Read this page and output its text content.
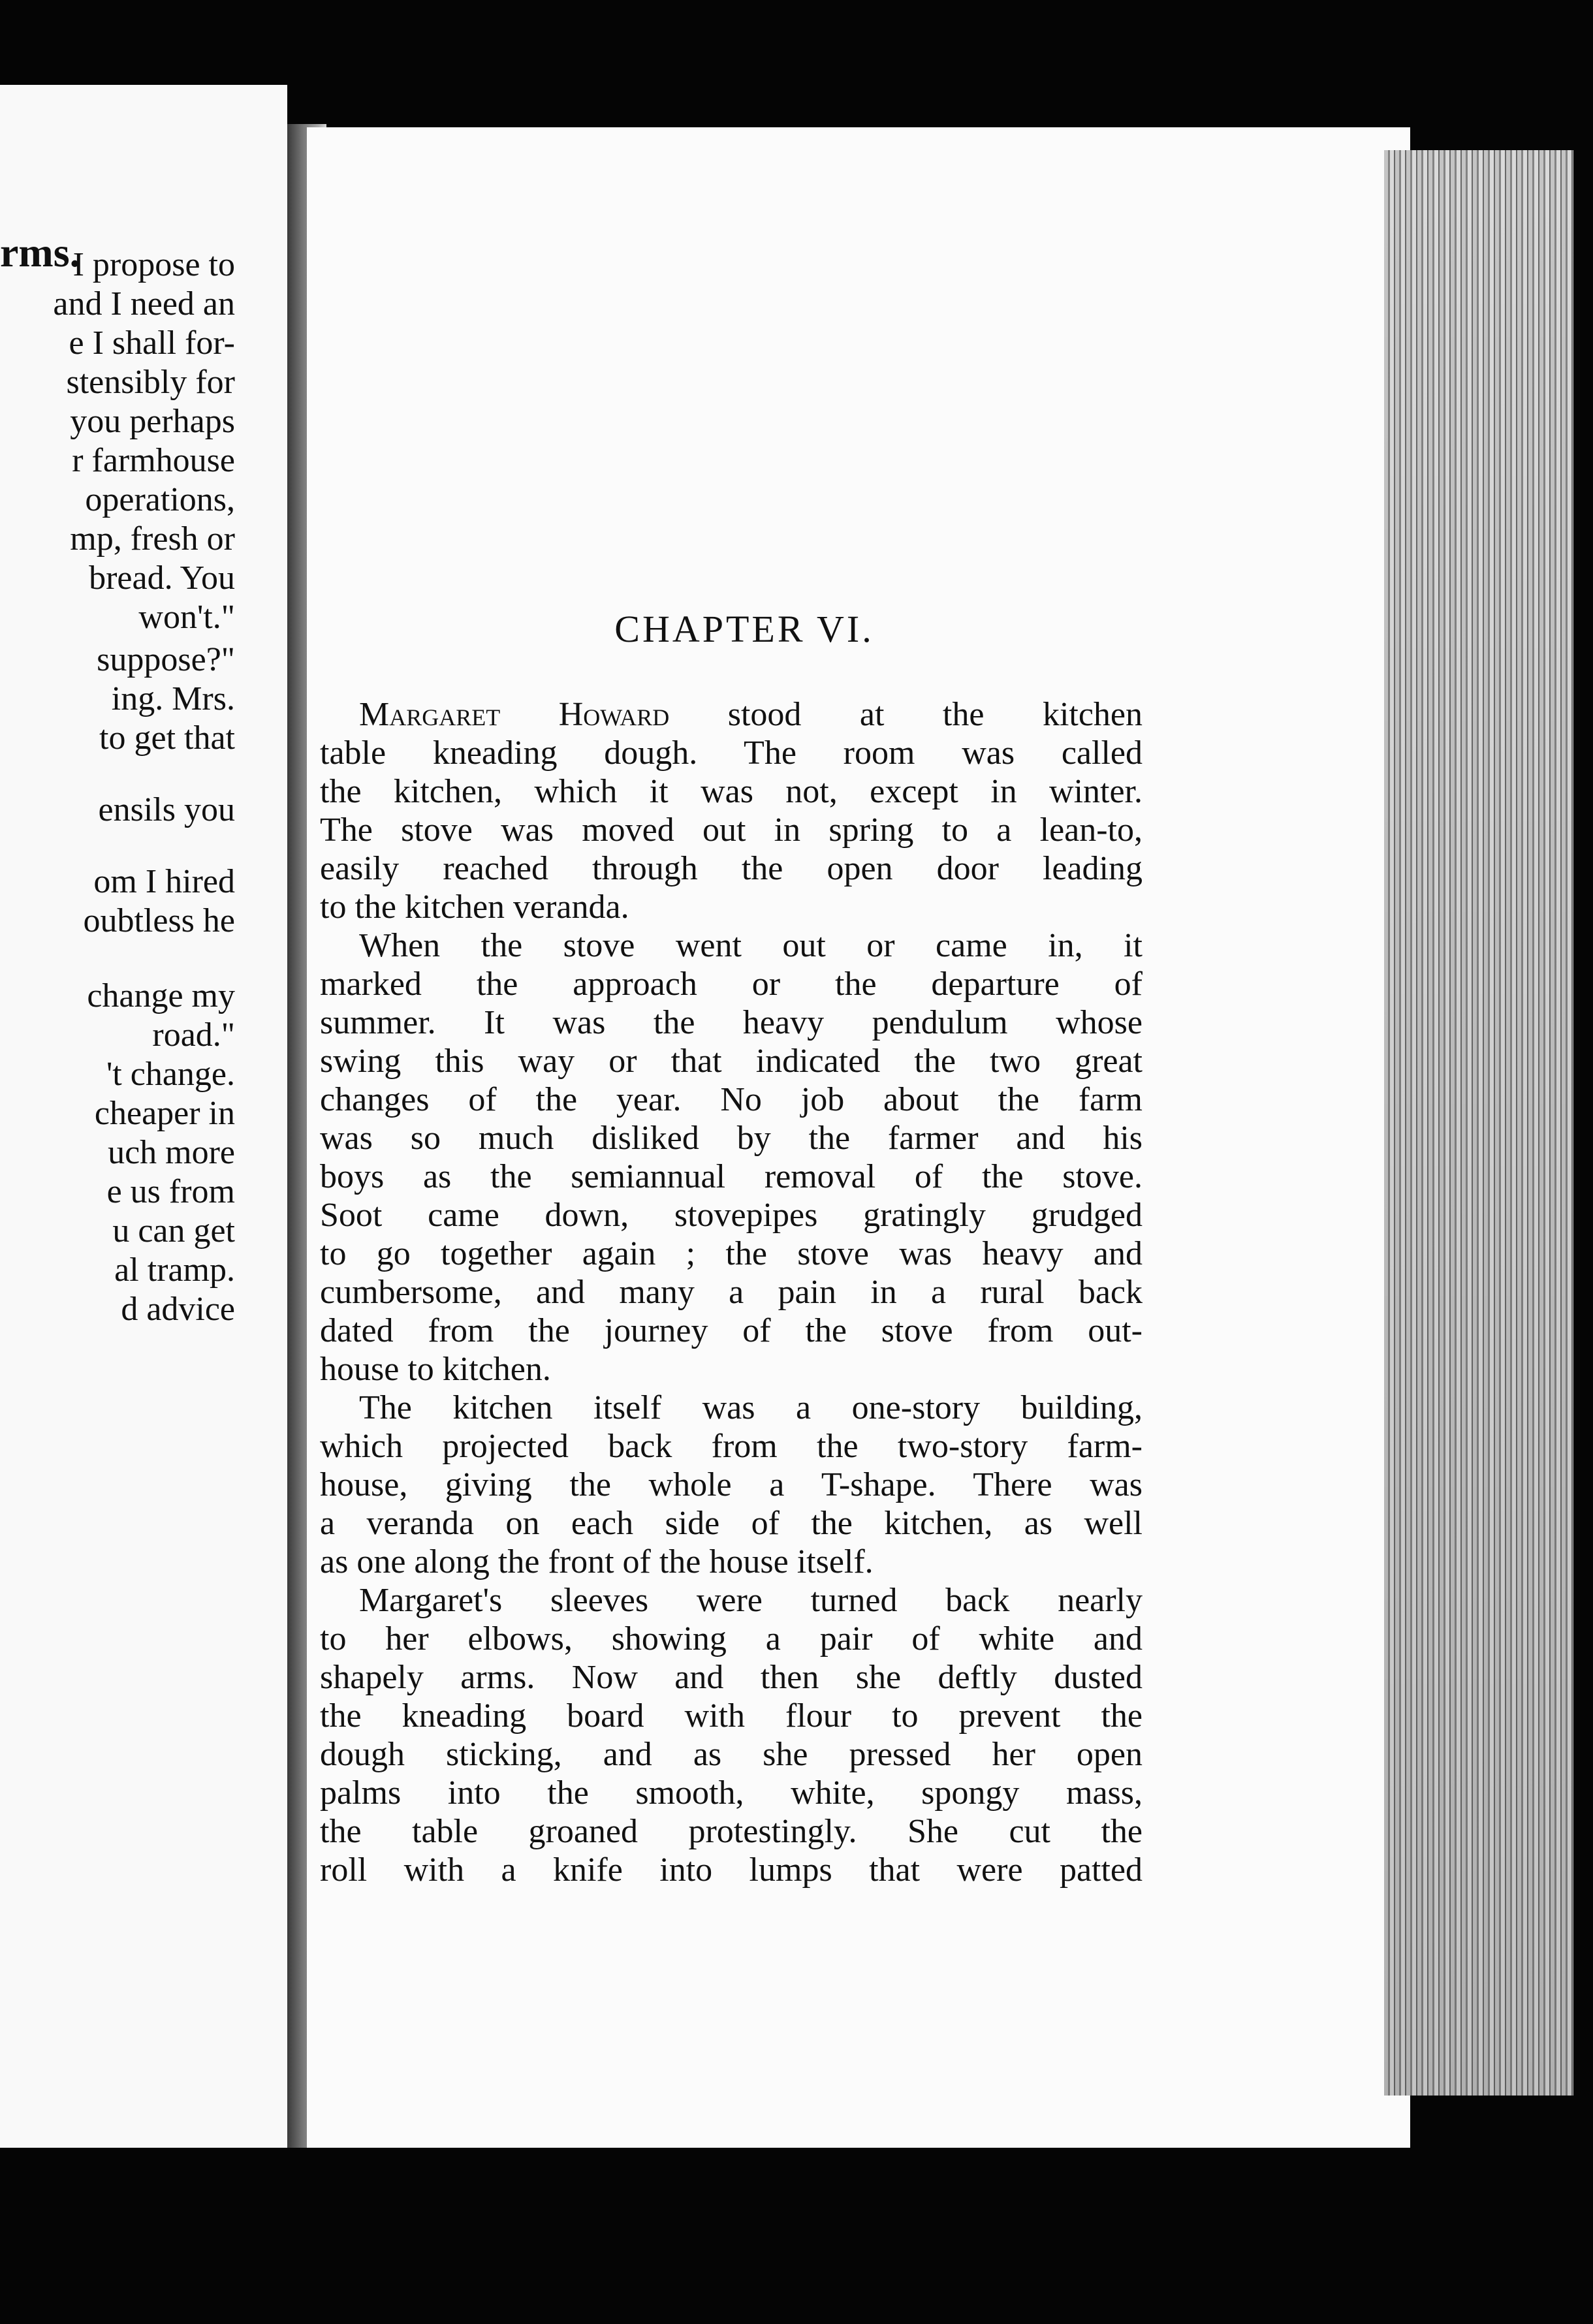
rms.
I propose to
and I need an
e I shall for-
stensibly for
you perhaps
r farmhouse
operations,
mp, fresh or
bread. You
won't."
suppose?"
ing. Mrs.
to get that
ensils you
om I hired
oubtless he
change my
road."
't change.
cheaper in
uch more
e us from
u can get
al tramp.
d advice
CHAPTER VI.
Margaret Howard stood at the kitchen
table kneading dough. The room was called
the kitchen, which it was not, except in winter.
The stove was moved out in spring to a lean-to,
easily reached through the open door leading
to the kitchen veranda.
When the stove went out or came in, it
marked the approach or the departure of
summer. It was the heavy pendulum whose
swing this way or that indicated the two great
changes of the year. No job about the farm
was so much disliked by the farmer and his
boys as the semiannual removal of the stove.
Soot came down, stovepipes gratingly grudged
to go together again ; the stove was heavy and
cumbersome, and many a pain in a rural back
dated from the journey of the stove from out-
house to kitchen.
The kitchen itself was a one-story building,
which projected back from the two-story farm-
house, giving the whole a T-shape. There was
a veranda on each side of the kitchen, as well
as one along the front of the house itself.
Margaret's sleeves were turned back nearly
to her elbows, showing a pair of white and
shapely arms. Now and then she deftly dusted
the kneading board with flour to prevent the
dough sticking, and as she pressed her open
palms into the smooth, white, spongy mass,
the table groaned protestingly. She cut the
roll with a knife into lumps that were patted
